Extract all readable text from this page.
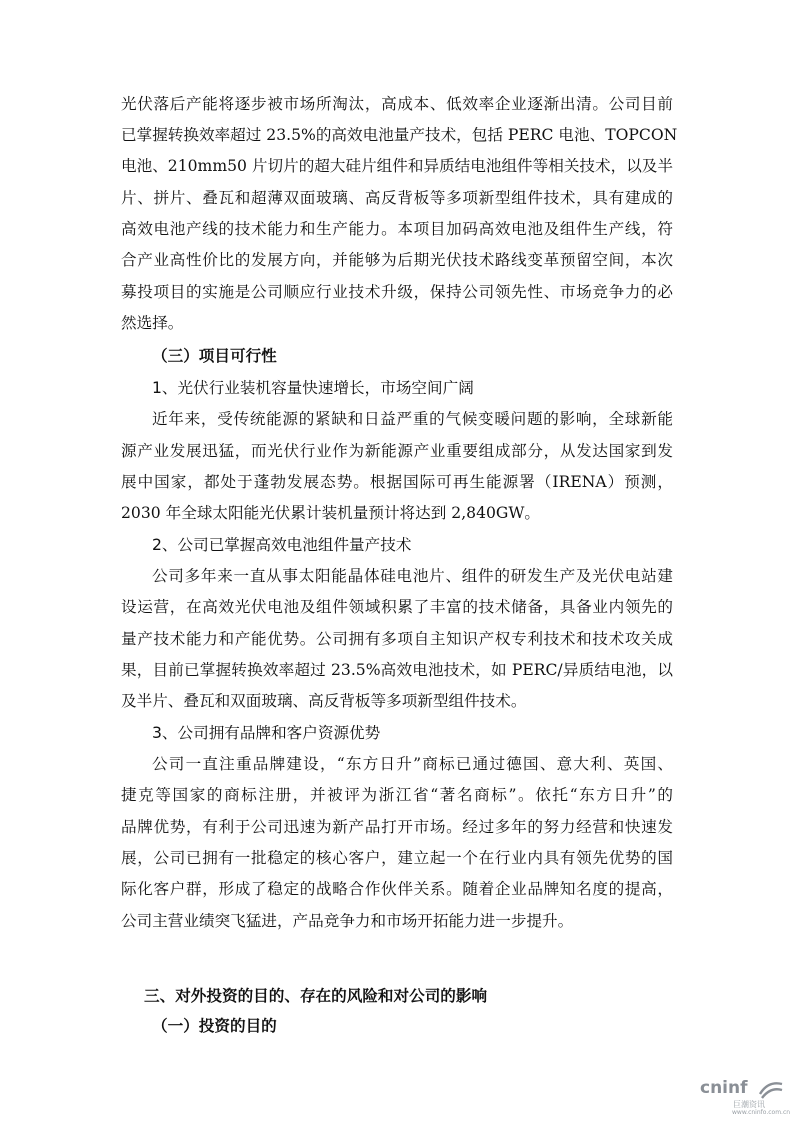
光伏落后产能将逐步被市场所淘汰，高成本、低效率企业逐渐出清。公司目前
已掌握转换效率超过 23.5%的高效电池量产技术，包括 PERC 电池、TOPCON
电池、210mm50 片切片的超大硅片组件和异质结电池组件等相关技术，以及半
片、拼片、叠瓦和超薄双面玻璃、高反背板等多项新型组件技术，具有建成的
高效电池产线的技术能力和生产能力。本项目加码高效电池及组件生产线，符
合产业高性价比的发展方向，并能够为后期光伏技术路线变革预留空间，本次
募投项目的实施是公司顺应行业技术升级，保持公司领先性、市场竞争力的必
然选择。
（三）项目可行性
1、光伏行业装机容量快速增长，市场空间广阔
近年来，受传统能源的紧缺和日益严重的气候变暖问题的影响，全球新能
源产业发展迅猛，而光伏行业作为新能源产业重要组成部分，从发达国家到发
展中国家，都处于蓬勃发展态势。根据国际可再生能源署（IRENA）预测，
2030 年全球太阳能光伏累计装机量预计将达到 2,840GW。
2、公司已掌握高效电池组件量产技术
公司多年来一直从事太阳能晶体硅电池片、组件的研发生产及光伏电站建
设运营，在高效光伏电池及组件领域积累了丰富的技术储备，具备业内领先的
量产技术能力和产能优势。公司拥有多项自主知识产权专利技术和技术攻关成
果，目前已掌握转换效率超过 23.5%高效电池技术，如 PERC/异质结电池，以
及半片、叠瓦和双面玻璃、高反背板等多项新型组件技术。
3、公司拥有品牌和客户资源优势
公司一直注重品牌建设，“东方日升”商标已通过德国、意大利、英国、
捷克等国家的商标注册，并被评为浙江省“著名商标”。依托“东方日升”的
品牌优势，有利于公司迅速为新产品打开市场。经过多年的努力经营和快速发
展，公司已拥有一批稳定的核心客户，建立起一个在行业内具有领先优势的国
际化客户群，形成了稳定的战略合作伙伴关系。随着企业品牌知名度的提高，
公司主营业绩突飞猛进，产品竞争力和市场开拓能力进一步提升。
三、对外投资的目的、存在的风险和对公司的影响
（一）投资的目的
cninf
巨潮资讯
www.cninfo.com.cn
